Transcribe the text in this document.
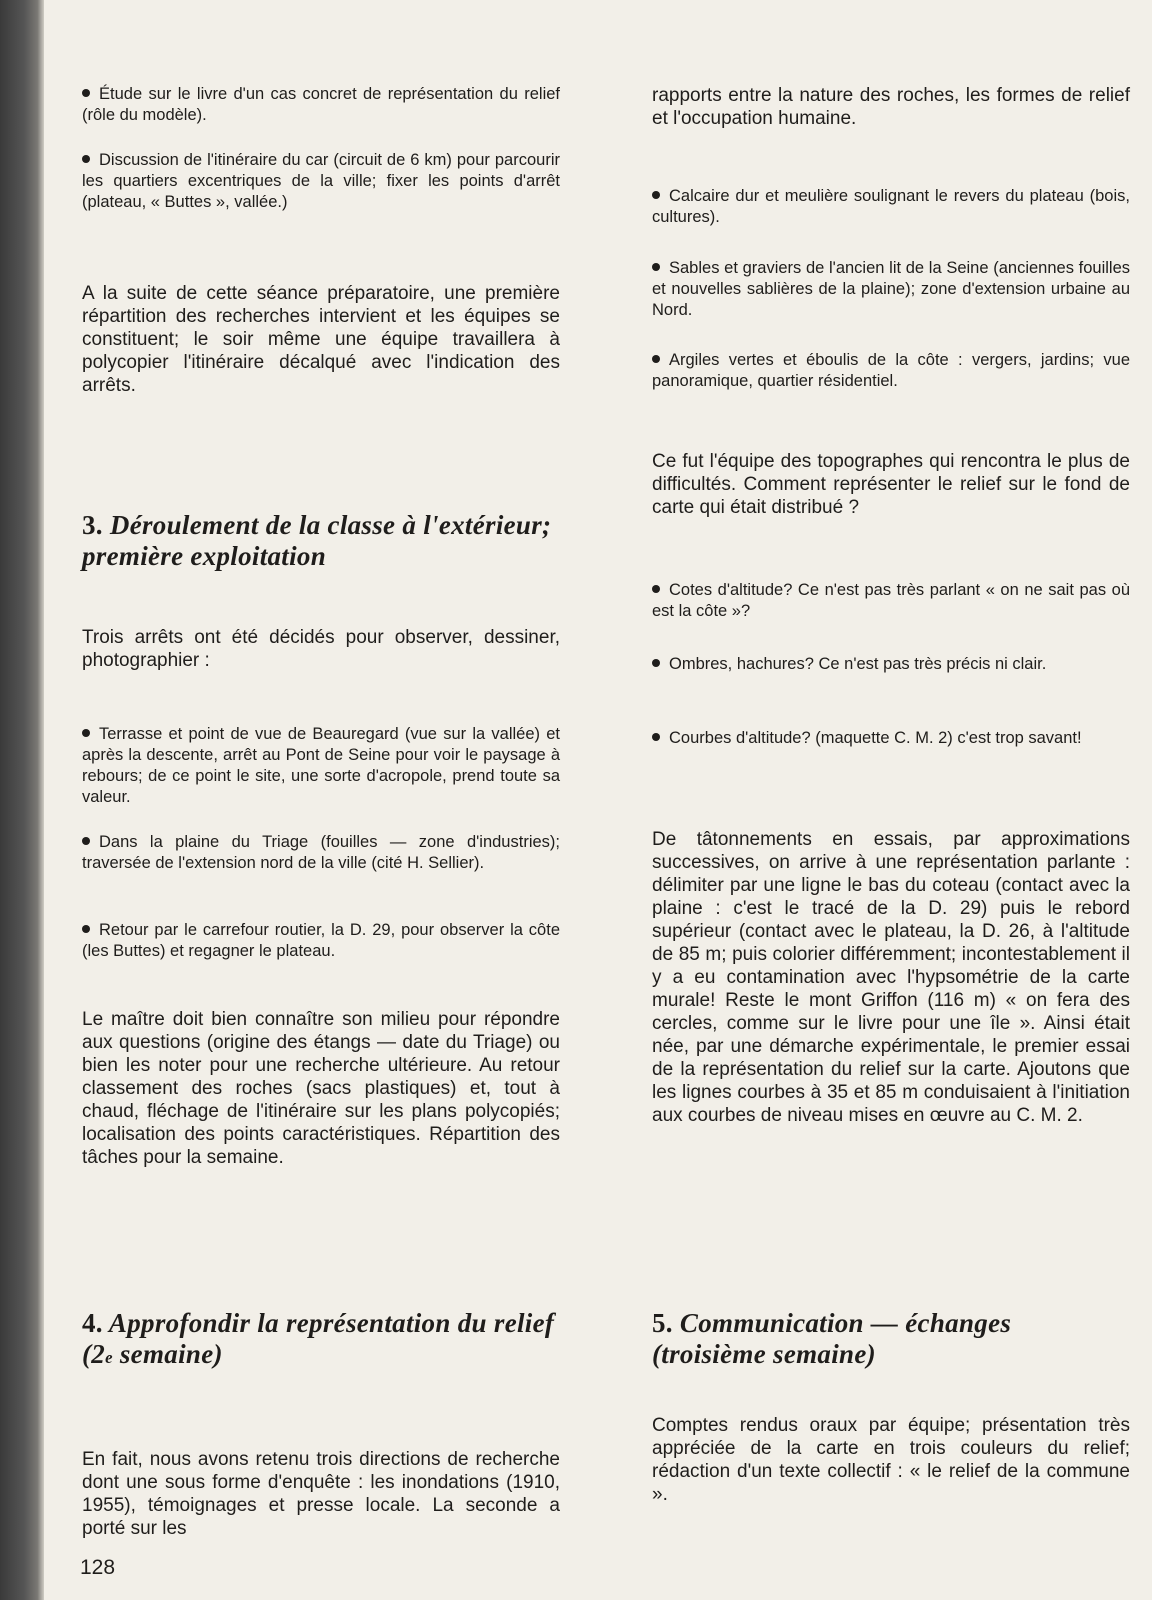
Étude sur le livre d'un cas concret de représentation du relief (rôle du modèle).

Discussion de l'itinéraire du car (circuit de 6 km) pour parcourir les quartiers excentriques de la ville; fixer les points d'arrêt (plateau, « Buttes », vallée.)

A la suite de cette séance préparatoire, une première répartition des recherches intervient et les équipes se constituent; le soir même une équipe travaillera à polycopier l'itinéraire décalqué avec l'indication des arrêts.

3. Déroulement de la classe à l'extérieur; première exploitation

Trois arrêts ont été décidés pour observer, dessiner, photographier :

Terrasse et point de vue de Beauregard (vue sur la vallée) et après la descente, arrêt au Pont de Seine pour voir le paysage à rebours; de ce point le site, une sorte d'acropole, prend toute sa valeur.

Dans la plaine du Triage (fouilles — zone d'industries); traversée de l'extension nord de la ville (cité H. Sellier).

Retour par le carrefour routier, la D. 29, pour observer la côte (les Buttes) et regagner le plateau.

Le maître doit bien connaître son milieu pour répondre aux questions (origine des étangs — date du Triage) ou bien les noter pour une recherche ultérieure. Au retour classement des roches (sacs plastiques) et, tout à chaud, fléchage de l'itinéraire sur les plans polycopiés; localisation des points caractéristiques. Répartition des tâches pour la semaine.

4. Approfondir la représentation du relief (2e semaine)

En fait, nous avons retenu trois directions de recherche dont une sous forme d'enquête : les inondations (1910, 1955), témoignages et presse locale. La seconde a porté sur les

rapports entre la nature des roches, les formes de relief et l'occupation humaine.

Calcaire dur et meulière soulignant le revers du plateau (bois, cultures).

Sables et graviers de l'ancien lit de la Seine (anciennes fouilles et nouvelles sablières de la plaine); zone d'extension urbaine au Nord.

Argiles vertes et éboulis de la côte : vergers, jardins; vue panoramique, quartier résidentiel.

Ce fut l'équipe des topographes qui rencontra le plus de difficultés. Comment représenter le relief sur le fond de carte qui était distribué ?

Cotes d'altitude? Ce n'est pas très parlant « on ne sait pas où est la côte »?

Ombres, hachures? Ce n'est pas très précis ni clair.

Courbes d'altitude? (maquette C. M. 2) c'est trop savant!

De tâtonnements en essais, par approximations successives, on arrive à une représentation parlante : délimiter par une ligne le bas du coteau (contact avec la plaine : c'est le tracé de la D. 29) puis le rebord supérieur (contact avec le plateau, la D. 26, à l'altitude de 85 m; puis colorier différemment; incontestablement il y a eu contamination avec l'hypsométrie de la carte murale! Reste le mont Griffon (116 m) « on fera des cercles, comme sur le livre pour une île ». Ainsi était née, par une démarche expérimentale, le premier essai de la représentation du relief sur la carte. Ajoutons que les lignes courbes à 35 et 85 m conduisaient à l'initiation aux courbes de niveau mises en œuvre au C. M. 2.

5. Communication — échanges
(troisième semaine)

Comptes rendus oraux par équipe; présentation très appréciée de la carte en trois couleurs du relief; rédaction d'un texte collectif : « le relief de la commune ».

128
